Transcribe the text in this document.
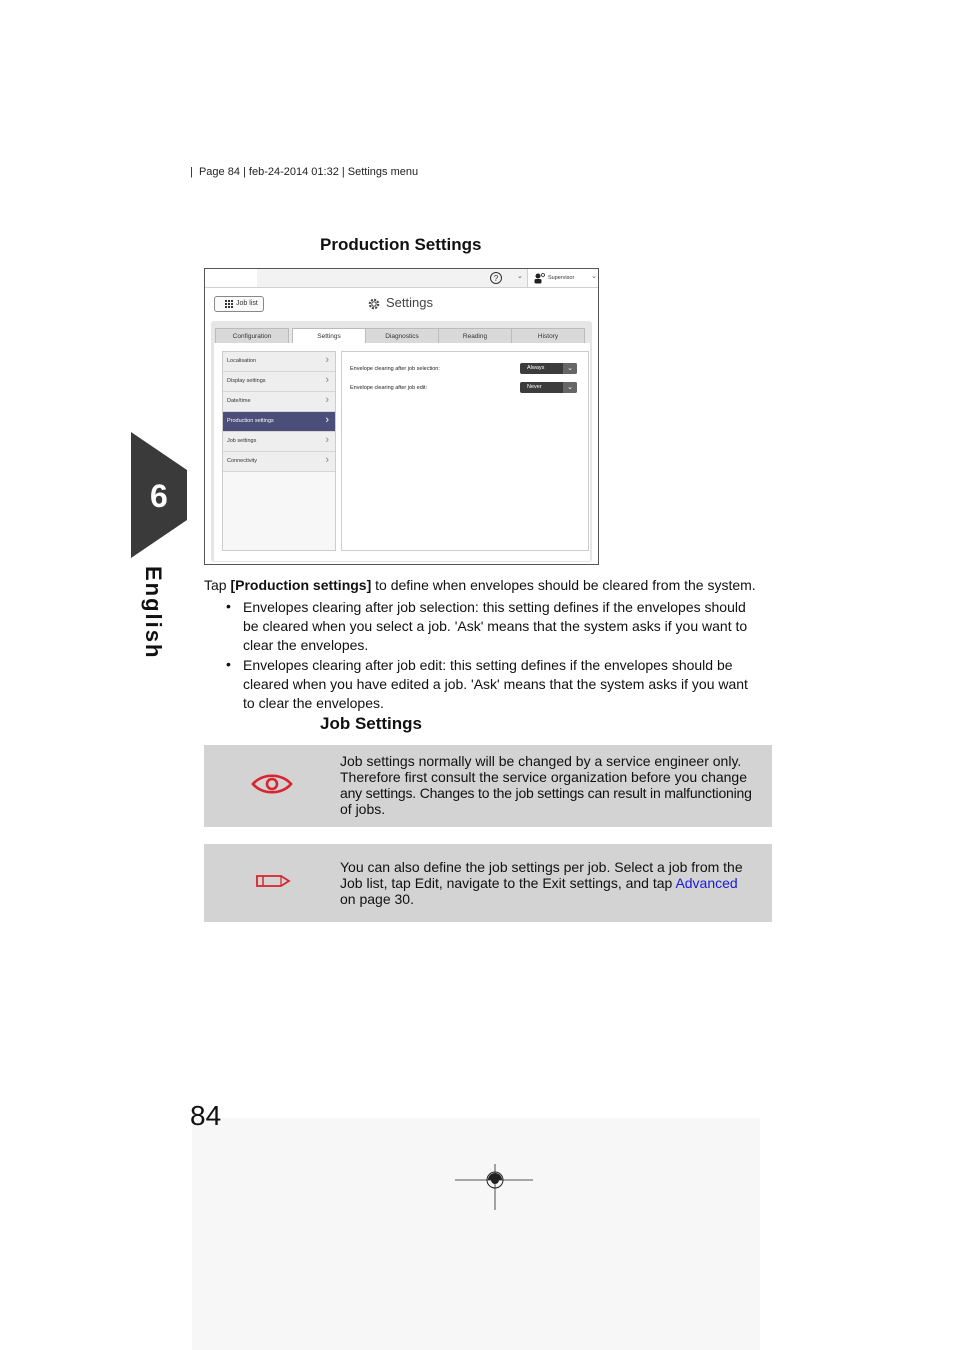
|  Page 84 | feb-24-2014 01:32 | Settings menu
6
English
Production Settings
?	⌄	Supervisor ⌄
Job list	Settings
Configuration	Settings	Diagnostics	Reading	History
Localisation	›
Display settings	›
Date/time	›
Production settings	›
Job settings	›
Connectivity	›
Envelope clearing after job selection:	Always	⌄
Envelope clearing after job edit:	Never	⌄
Tap [Production settings] to define when envelopes should be cleared from the system.
• Envelopes clearing after job selection: this setting defines if the envelopes should
be cleared when you select a job. 'Ask' means that the system asks if you want to
clear the envelopes.
• Envelopes clearing after job edit: this setting defines if the envelopes should be
cleared when you have edited a job. 'Ask' means that the system asks if you want
to clear the envelopes.
Job Settings
Job settings normally will be changed by a service engineer only.
Therefore first consult the service organization before you change
any settings. Changes to the job settings can result in malfunctioning
of jobs.
You can also define the job settings per job. Select a job from the
Job list, tap Edit, navigate to the Exit settings, and tap Advanced
on page 30.
84
